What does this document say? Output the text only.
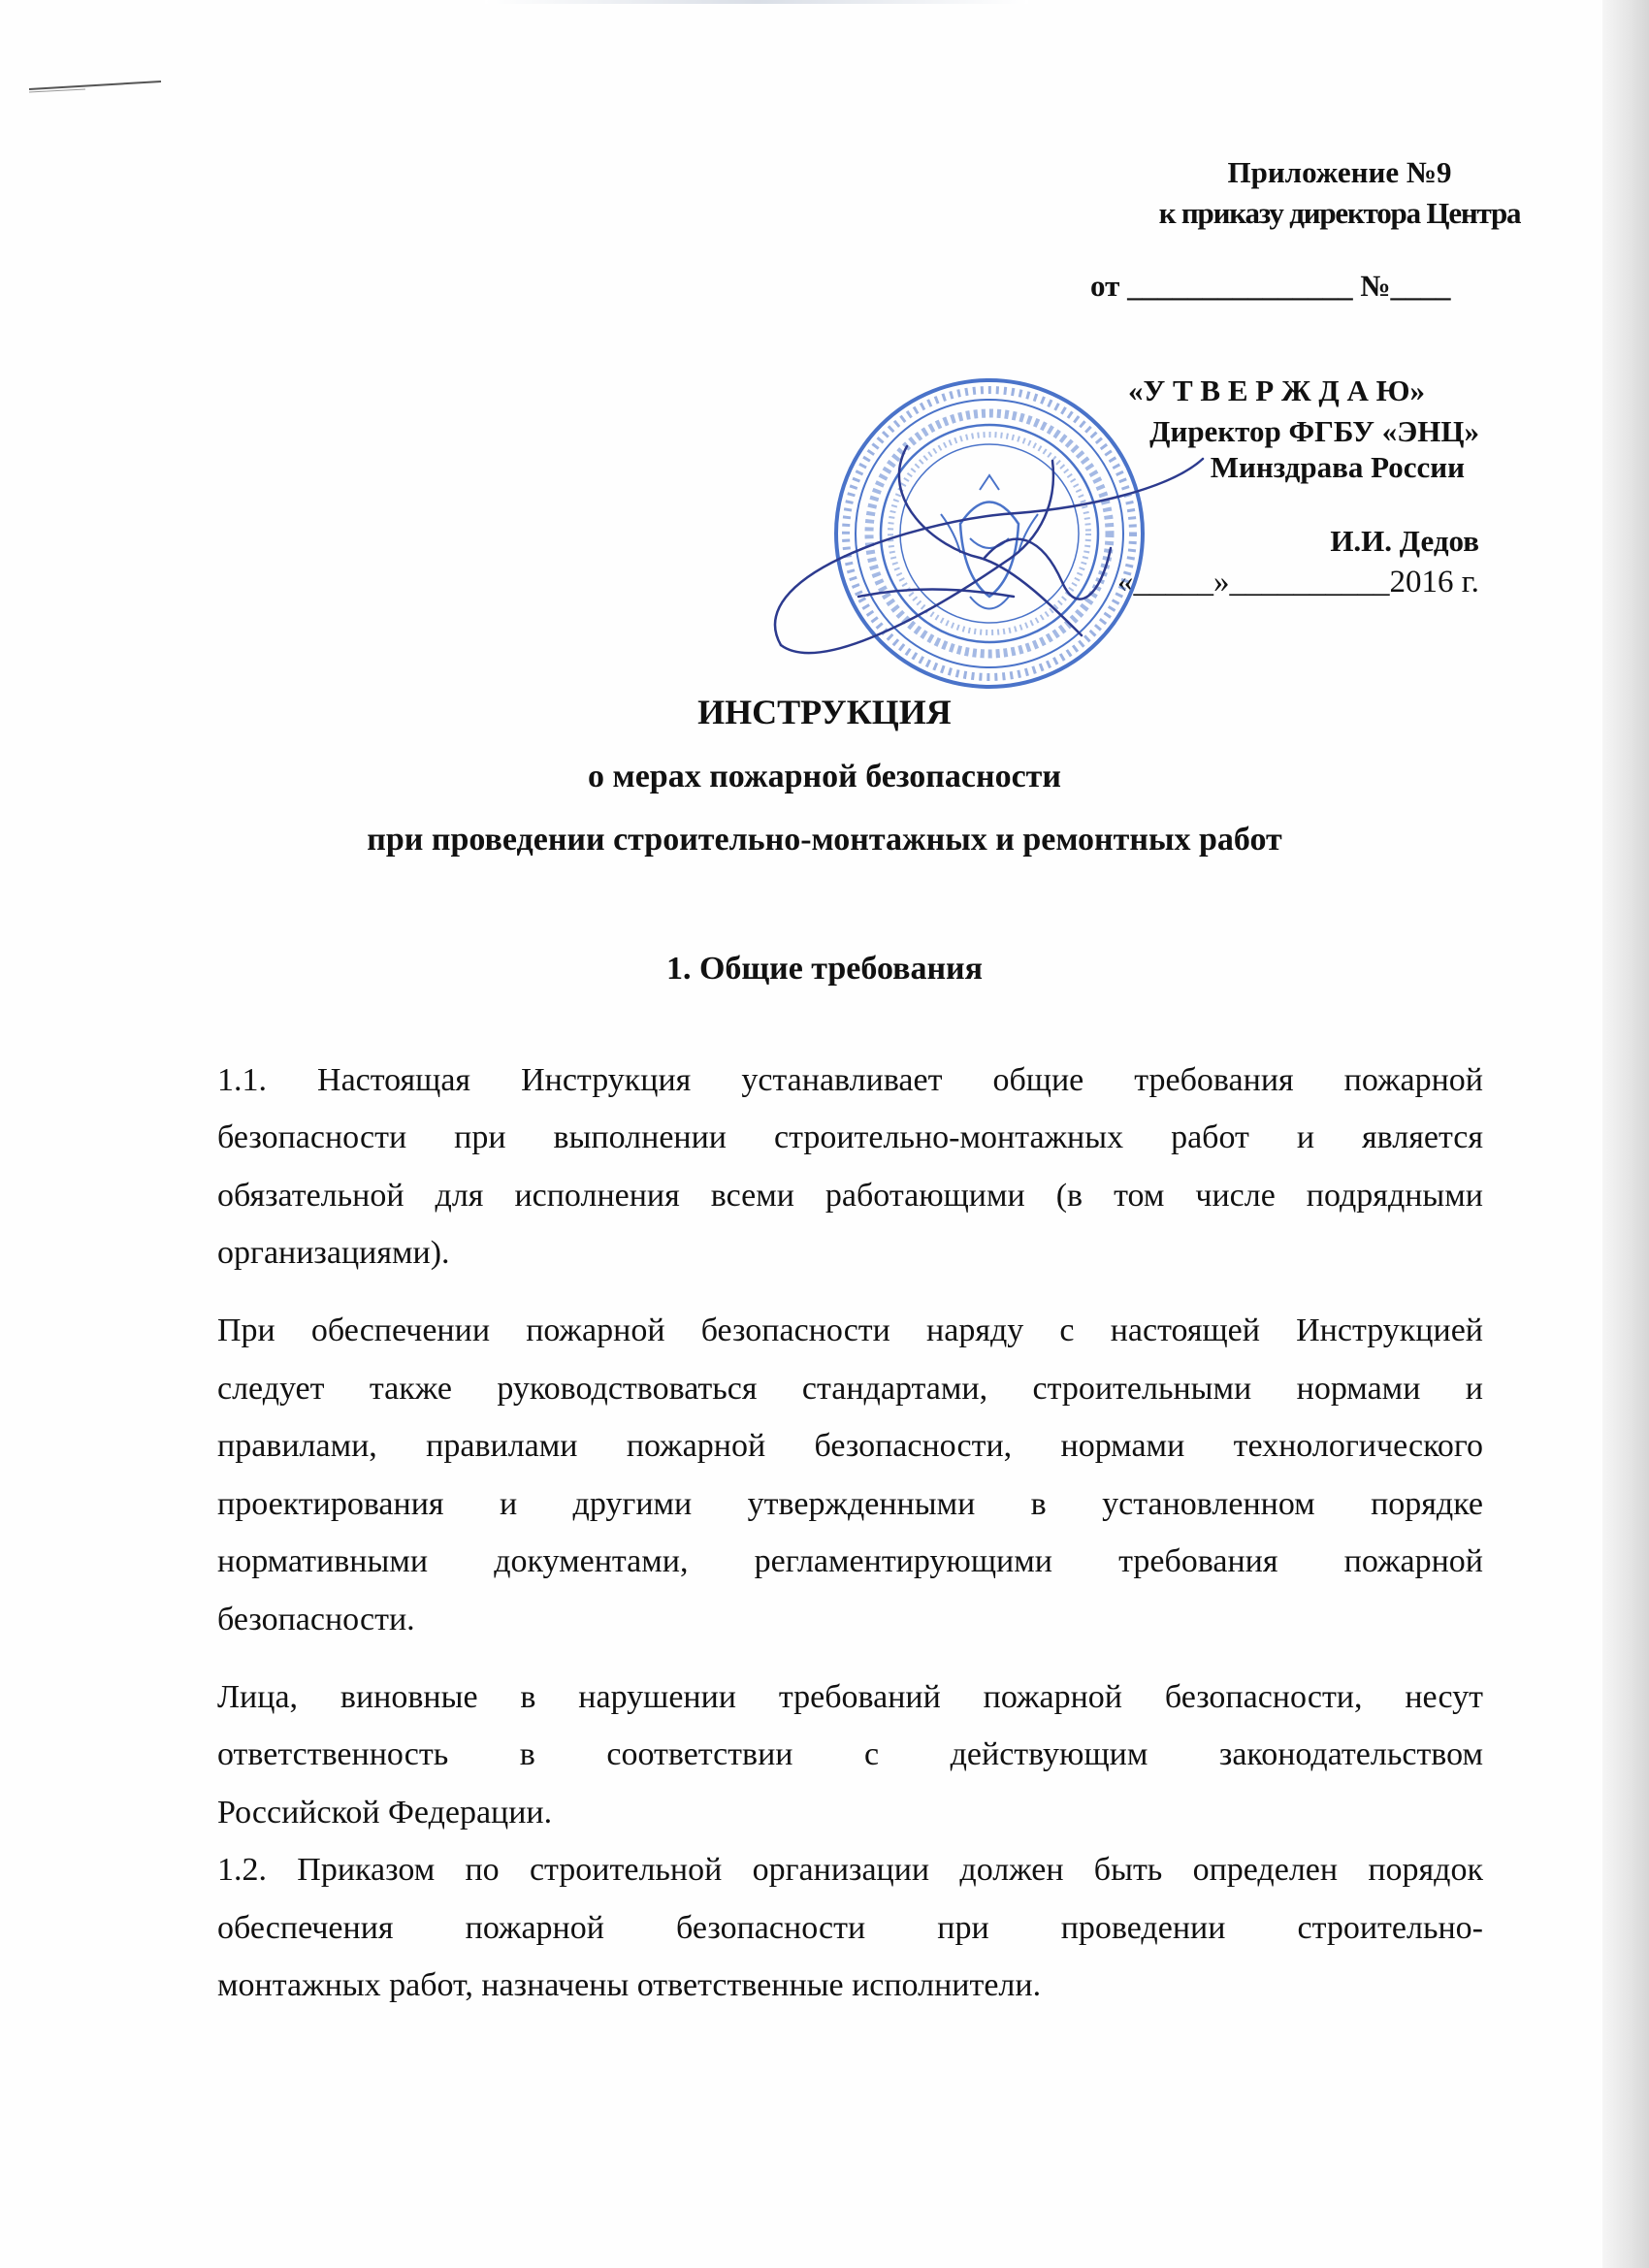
Приложение №9
к приказу директора Центра
от _______________ №____
«У Т В Е Р Ж Д А Ю»
Директор ФГБУ «ЭНЦ»
Минздрава России
И.И. Дедов
«_____»__________2016 г.
ИНСТРУКЦИЯ
о мерах пожарной безопасности
при проведении строительно-монтажных и ремонтных работ
1. Общие требования
1.1. Настоящая Инструкция устанавливает общие требования пожарной
безопасности при выполнении строительно-монтажных работ и является
обязательной для исполнения всеми работающими (в том числе подрядными
организациями).
При обеспечении пожарной безопасности наряду с настоящей Инструкцией
следует также руководствоваться стандартами, строительными нормами и
правилами, правилами пожарной безопасности, нормами технологического
проектирования и другими утвержденными в установленном порядке
нормативными документами, регламентирующими требования пожарной
безопасности.
Лица, виновные в нарушении требований пожарной безопасности, несут
ответственность в соответствии с действующим законодательством
Российской Федерации.
1.2. Приказом по строительной организации должен быть определен порядок
обеспечения пожарной безопасности при проведении строительно-
монтажных работ, назначены ответственные исполнители.
